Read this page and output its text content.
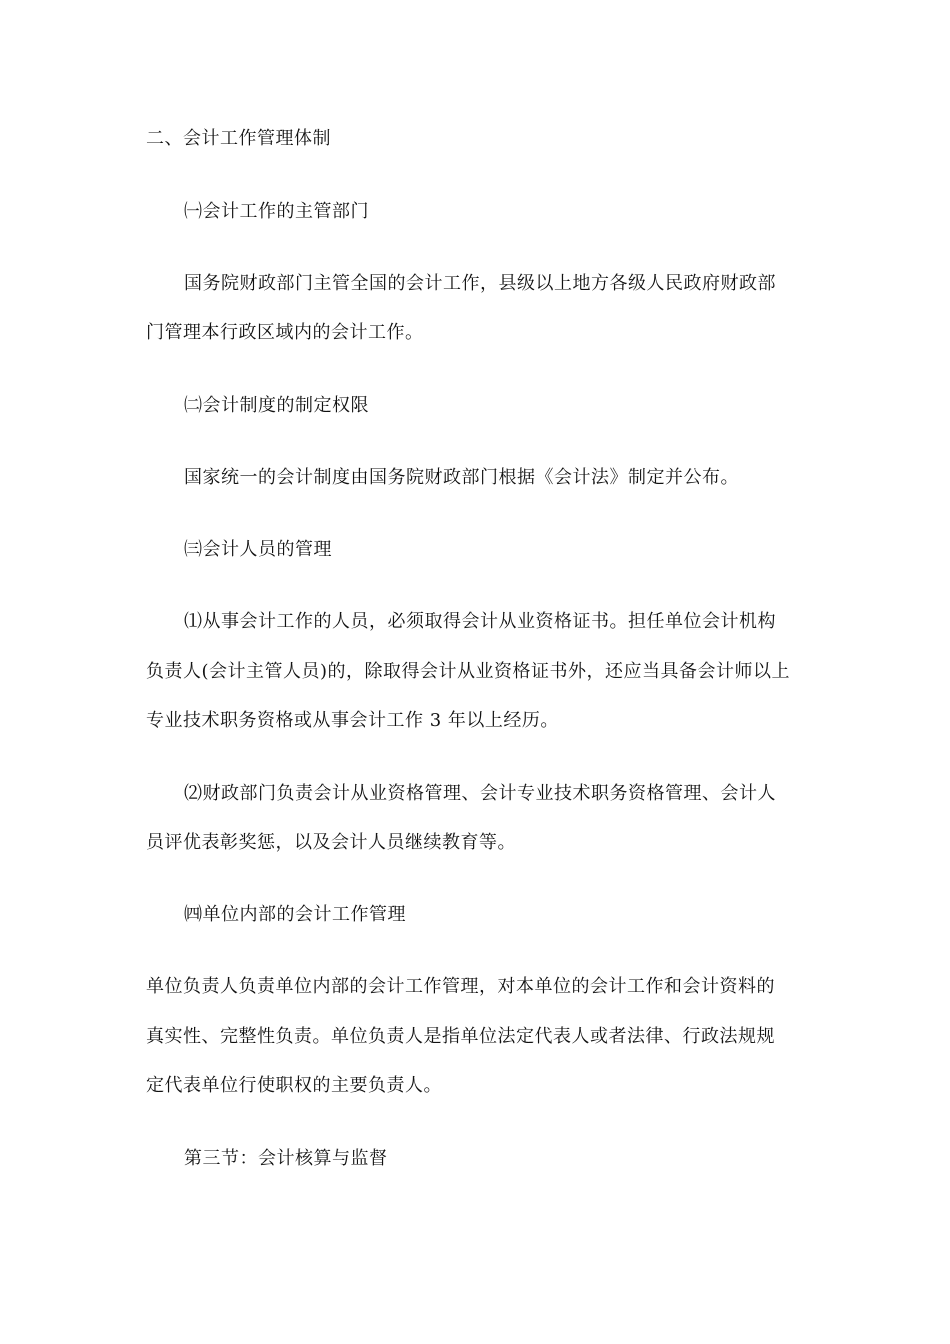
二、会计工作管理体制
㈠会计工作的主管部门
国务院财政部门主管全国的会计工作，县级以上地方各级人民政府财政部
门管理本行政区域内的会计工作。
㈡会计制度的制定权限
国家统一的会计制度由国务院财政部门根据《会计法》制定并公布。
㈢会计人员的管理
⑴从事会计工作的人员，必须取得会计从业资格证书。担任单位会计机构
负责人(会计主管人员)的，除取得会计从业资格证书外，还应当具备会计师以上
专业技术职务资格或从事会计工作 3 年以上经历。
⑵财政部门负责会计从业资格管理、会计专业技术职务资格管理、会计人
员评优表彰奖惩，以及会计人员继续教育等。
㈣单位内部的会计工作管理
单位负责人负责单位内部的会计工作管理，对本单位的会计工作和会计资料的
真实性、完整性负责。单位负责人是指单位法定代表人或者法律、行政法规规
定代表单位行使职权的主要负责人。
第三节：会计核算与监督
